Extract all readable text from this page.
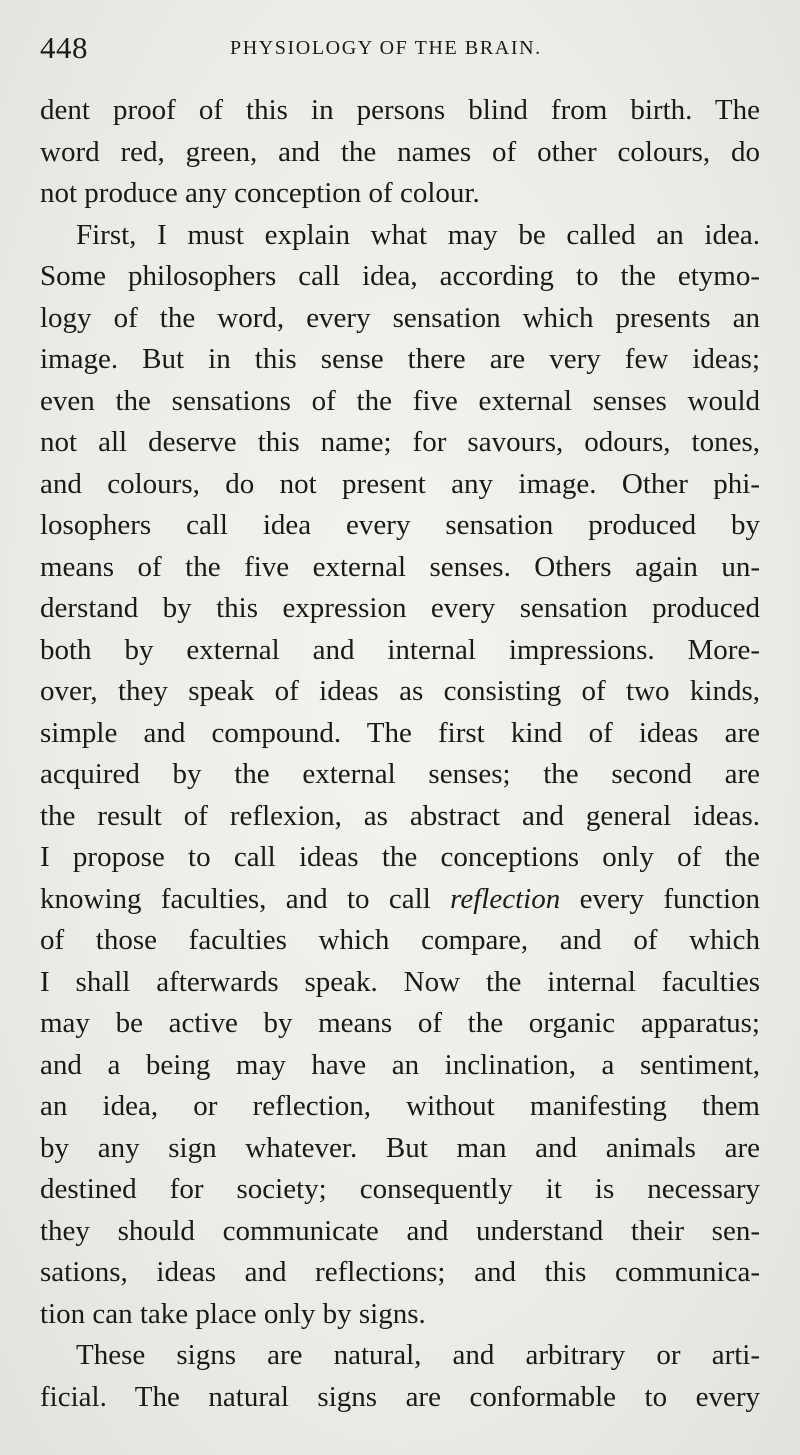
448	PHYSIOLOGY OF THE BRAIN.
dent proof of this in persons blind from birth. The
word red, green, and the names of other colours, do
not produce any conception of colour.
First, I must explain what may be called an idea.
Some philosophers call idea, according to the etymo-
logy of the word, every sensation which presents an
image. But in this sense there are very few ideas;
even the sensations of the five external senses would
not all deserve this name; for savours, odours, tones,
and colours, do not present any image. Other phi-
losophers call idea every sensation produced by
means of the five external senses. Others again un-
derstand by this expression every sensation produced
both by external and internal impressions. More-
over, they speak of ideas as consisting of two kinds,
simple and compound. The first kind of ideas are
acquired by the external senses; the second are
the result of reflexion, as abstract and general ideas.
I propose to call ideas the conceptions only of the
knowing faculties, and to call reflection every function
of those faculties which compare, and of which
I shall afterwards speak. Now the internal faculties
may be active by means of the organic apparatus;
and a being may have an inclination, a sentiment,
an idea, or reflection, without manifesting them
by any sign whatever. But man and animals are
destined for society; consequently it is necessary
they should communicate and understand their sen-
sations, ideas and reflections; and this communica-
tion can take place only by signs.
These signs are natural, and arbitrary or arti-
ficial. The natural signs are conformable to every
